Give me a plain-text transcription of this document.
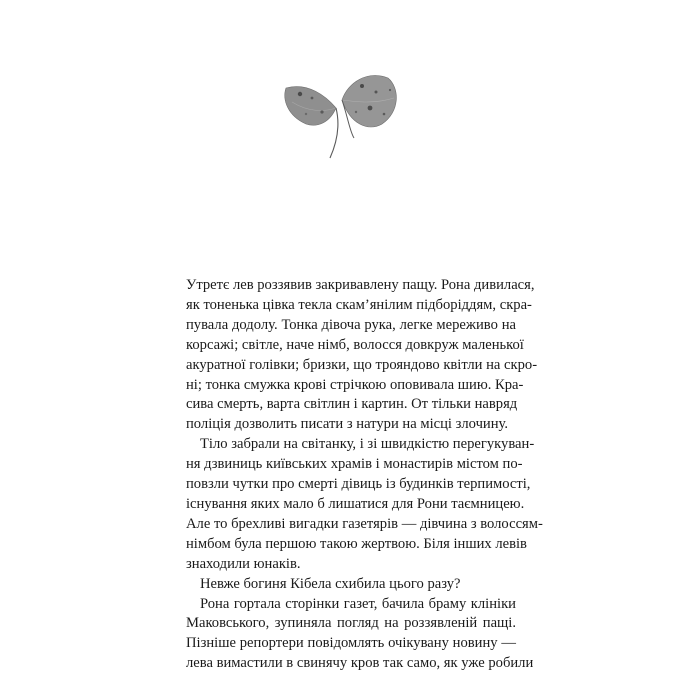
Утретє лев роззявив закривавлену пащу. Рона дивилася,
як тоненька цівка текла скам’янілим підборіддям, скра-
пувала додолу. Тонка дівоча рука, легке мереживо на
корсажі; світле, наче німб, волосся довкруж маленької
акуратної голівки; бризки, що трояндово квітли на скро-
ні; тонка смужка крові стрічкою оповивала шию. Кра-
сива смерть, варта світлин і картин. От тільки навряд
поліція дозволить писати з натури на місці злочину.

Тіло забрали на світанку, і зі швидкістю перегукуван-
ня дзвиниць київських храмів і монастирів містом по-
повзли чутки про смерті дівиць із будинків терпимості,
існування яких мало б лишатися для Рони таємницею.
Але то брехливі вигадки газетярів — дівчина з волоссям-
німбом була першою такою жертвою. Біля інших левів
знаходили юнаків.

Невже богиня Кібела схибила цього разу?

Рона гортала сторінки газет, бачила браму клініки
Маковського, зупиняла погляд на роззявленій пащі.
Пізніше репортери повідомлять очікувану новину —
лева вимастили в свинячу кров так само, як уже робили
